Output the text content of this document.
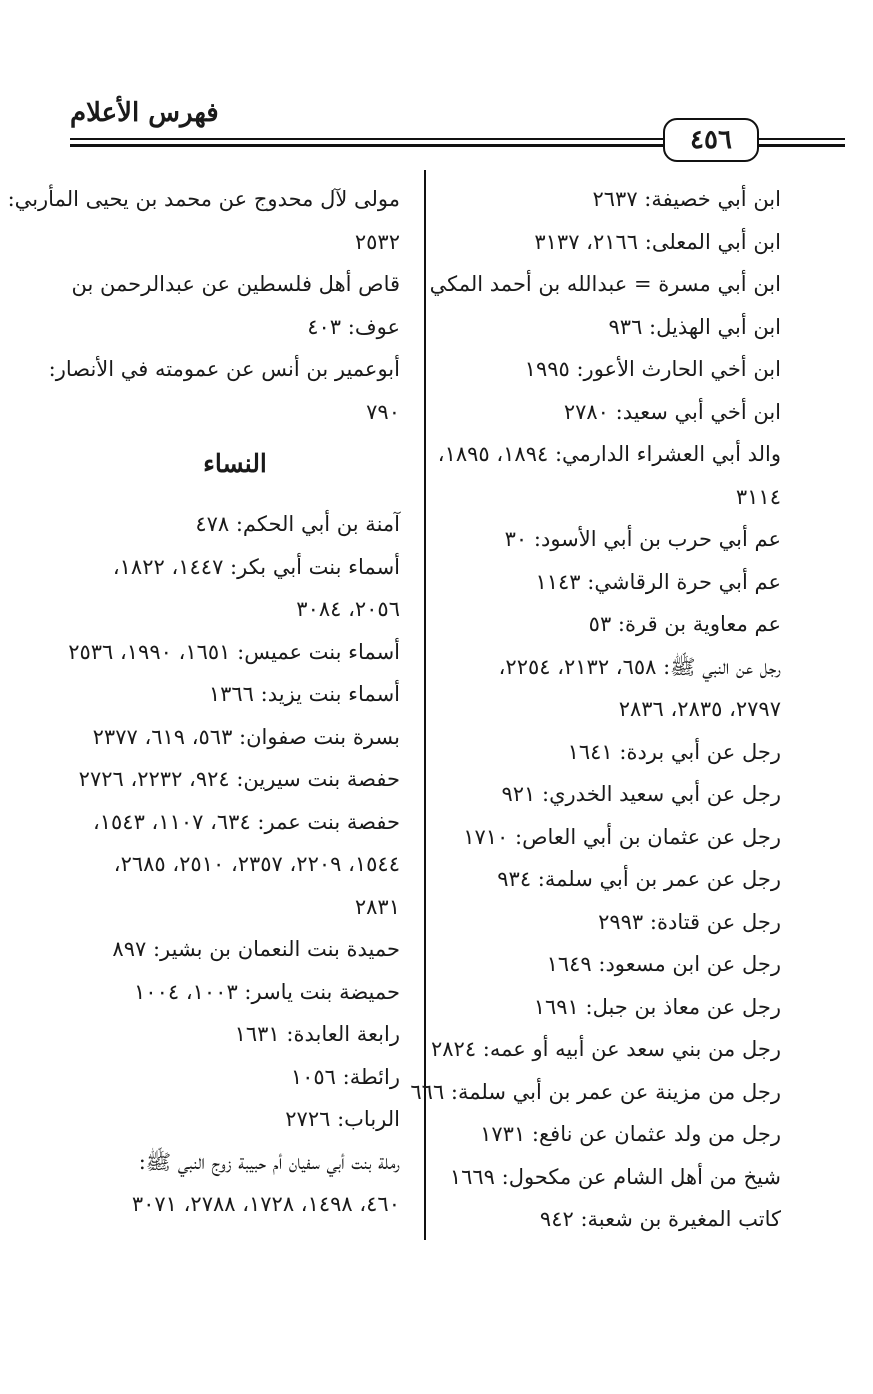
فهرس الأعلام
٤٥٦
ابن أبي خصيفة: ٢٦٣٧
ابن أبي المعلى: ٢١٦٦، ٣١٣٧
ابن أبي مسرة = عبدالله بن أحمد المكي
ابن أبي الهذيل: ٩٣٦
ابن أخي الحارث الأعور: ١٩٩٥
ابن أخي أبي سعيد: ٢٧٨٠
والد أبي العشراء الدارمي: ١٨٩٤، ١٨٩٥،
٣١١٤
عم أبي حرب بن أبي الأسود: ٣٠
عم أبي حرة الرقاشي: ١١٤٣
عم معاوية بن قرة: ٥٣
رجل عن النبي ﷺ: ٦٥٨، ٢١٣٢، ٢٢٥٤،
٢٧٩٧، ٢٨٣٥، ٢٨٣٦
رجل عن أبي بردة: ١٦٤١
رجل عن أبي سعيد الخدري: ٩٢١
رجل عن عثمان بن أبي العاص: ١٧١٠
رجل عن عمر بن أبي سلمة: ٩٣٤
رجل عن قتادة: ٢٩٩٣
رجل عن ابن مسعود: ١٦٤٩
رجل عن معاذ بن جبل: ١٦٩١
رجل من بني سعد عن أبيه أو عمه: ٢٨٢٤
رجل من مزينة عن عمر بن أبي سلمة: ٦٦٦
رجل من ولد عثمان عن نافع: ١٧٣١
شيخ من أهل الشام عن مكحول: ١٦٦٩
كاتب المغيرة بن شعبة: ٩٤٢
مولى لآل محدوج عن محمد بن يحيى المأربي:
٢٥٣٢
قاص أهل فلسطين عن عبدالرحمن بن
عوف: ٤٠٣
أبوعمير بن أنس عن عمومته في الأنصار:
٧٩٠
النساء
آمنة بن أبي الحكم: ٤٧٨
أسماء بنت أبي بكر: ١٤٤٧، ١٨٢٢،
٢٠٥٦، ٣٠٨٤
أسماء بنت عميس: ١٦٥١، ١٩٩٠، ٢٥٣٦
أسماء بنت يزيد: ١٣٦٦
بسرة بنت صفوان: ٥٦٣، ٦١٩، ٢٣٧٧
حفصة بنت سيرين: ٩٢٤، ٢٢٣٢، ٢٧٢٦
حفصة بنت عمر: ٦٣٤، ١١٠٧، ١٥٤٣،
١٥٤٤، ٢٢٠٩، ٢٣٥٧، ٢٥١٠، ٢٦٨٥،
٢٨٣١
حميدة بنت النعمان بن بشير: ٨٩٧
حميضة بنت ياسر: ١٠٠٣، ١٠٠٤
رابعة العابدة: ١٦٣١
رائطة: ١٠٥٦
الرباب: ٢٧٢٦
رملة بنت أبي سفيان أم حبيبة زوج النبي ﷺ:
٤٦٠، ١٤٩٨، ١٧٢٨، ٢٧٨٨، ٣٠٧١
